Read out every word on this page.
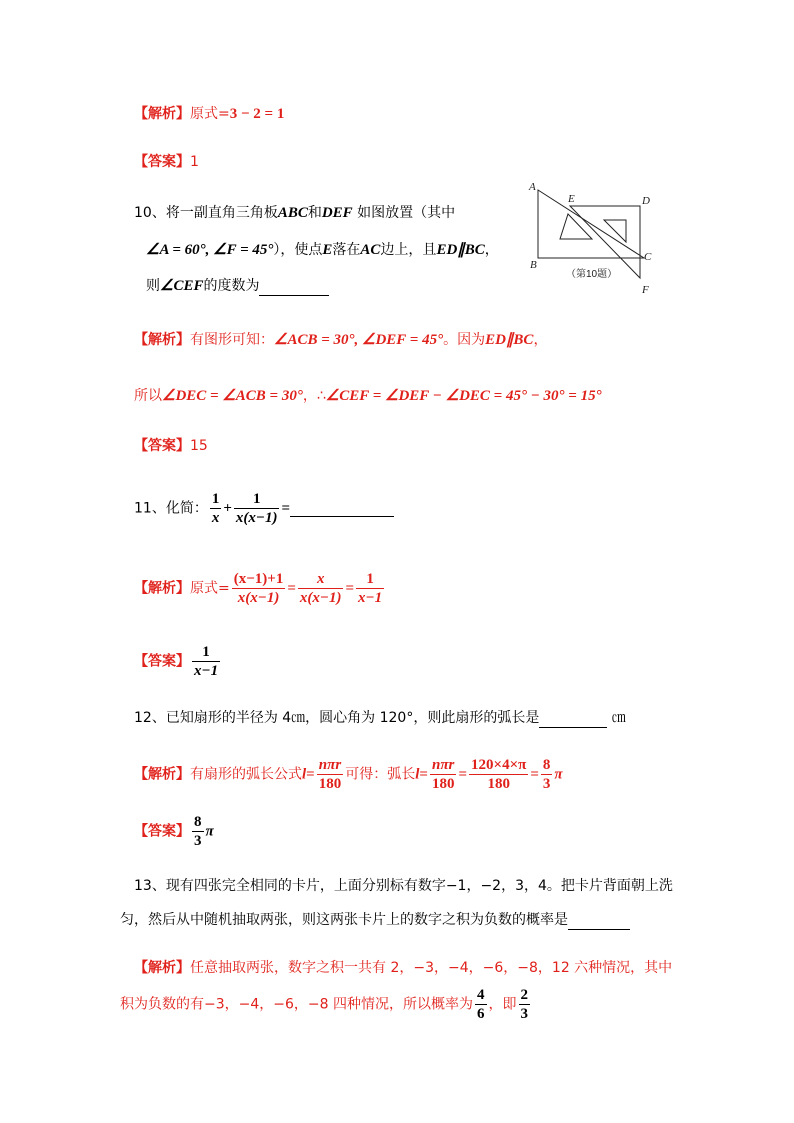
【解析】原式=3 − 2 = 1
【答案】1
10、将一副直角三角板ABC和DEF 如图放置（其中
∠A = 60°, ∠F = 45°），使点E落在AC边上，且ED∥BC，
则∠CEF的度数为
A
E	D
C
B
F
（第10题）
【解析】有图形可知：∠ACB = 30°, ∠DEF = 45°。因为ED∥BC，
所以∠DEC = ∠ACB = 30°，∴∠CEF = ∠DEF − ∠DEC = 45° − 30° = 15°
【答案】15
11、化简： $\frac{1}{x} + \frac{1}{x(x-1)}$ =
【解析】原式= $\frac{(x-1)+1}{x(x-1)} = \frac{x}{x(x-1)} = \frac{1}{x-1}$
【答案】 $\frac{1}{x-1}$
12、已知扇形的半径为 4㎝，圆心角为 120°，则此扇形的弧长是	㎝
【解析】有扇形的弧长公式$l= \frac{\text{nπr}}{180}$ 可得：弧长$l= \frac{\text{nπr}}{180} = \frac{120\times 4\times\pi}{180} = \frac{8}{3}$ π
【答案】 $\frac{8}{3}$ π
13、现有四张完全相同的卡片，上面分别标有数字−1，−2，3，4。把卡片背面朝上洗
匀，然后从中随机抽取两张，则这两张卡片上的数字之积为负数的概率是
【解析】任意抽取两张，数字之积一共有 2，−3，−4，−6，−8，12 六种情况，其中
积为负数的有−3，−4，−6，−8 四种情况，所以概率为 $\frac{4}{6}$ ，即 $\frac{2}{3}$
